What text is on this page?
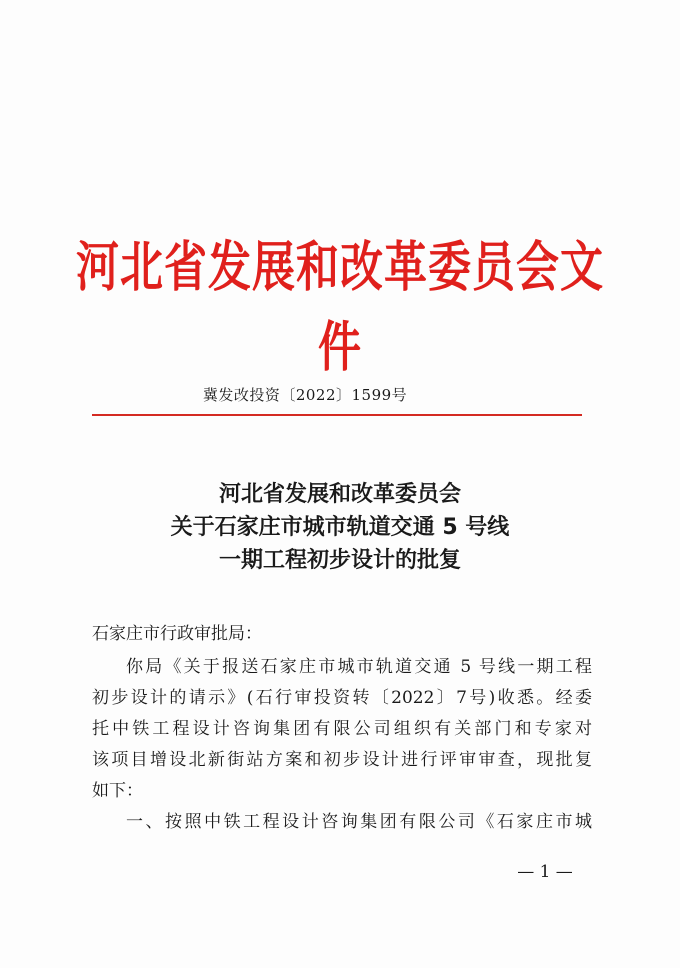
河北省发展和改革委员会文件
冀发改投资〔2022〕1599号
河北省发展和改革委员会
关于石家庄市城市轨道交通 5 号线
一期工程初步设计的批复
石家庄市行政审批局：
你局《关于报送石家庄市城市轨道交通 5 号线一期工程
初步设计的请示》(石行审投资转〔2022〕7号)收悉。经委
托中铁工程设计咨询集团有限公司组织有关部门和专家对
该项目增设北新街站方案和初步设计进行评审审查，现批复
如下：
一、按照中铁工程设计咨询集团有限公司《石家庄市城
— 1 —
